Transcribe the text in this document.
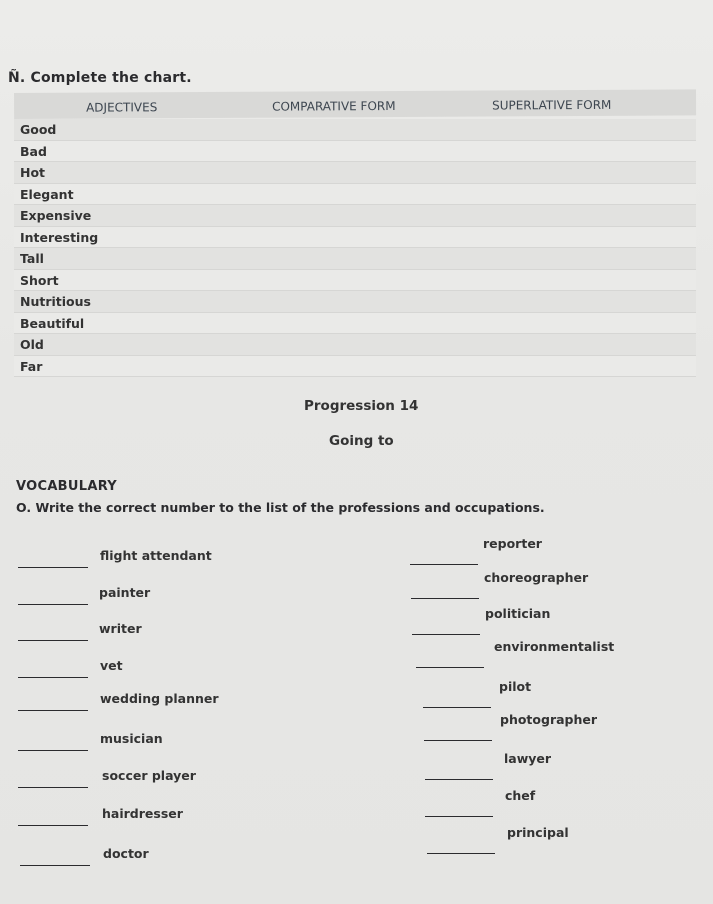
Ñ. Complete the chart.
ADJECTIVES	COMPARATIVE FORM	SUPERLATIVE FORM
Good
Bad
Hot
Elegant
Expensive
Interesting
Tall
Short
Nutritious
Beautiful
Old
Far
Progression 14
Going to
VOCABULARY
O. Write the correct number to the list of the professions and occupations.
flight attendant
painter
writer
vet
wedding planner
musician
soccer player
hairdresser
doctor
reporter
choreographer
politician
environmentalist
pilot
photographer
lawyer
chef
principal
